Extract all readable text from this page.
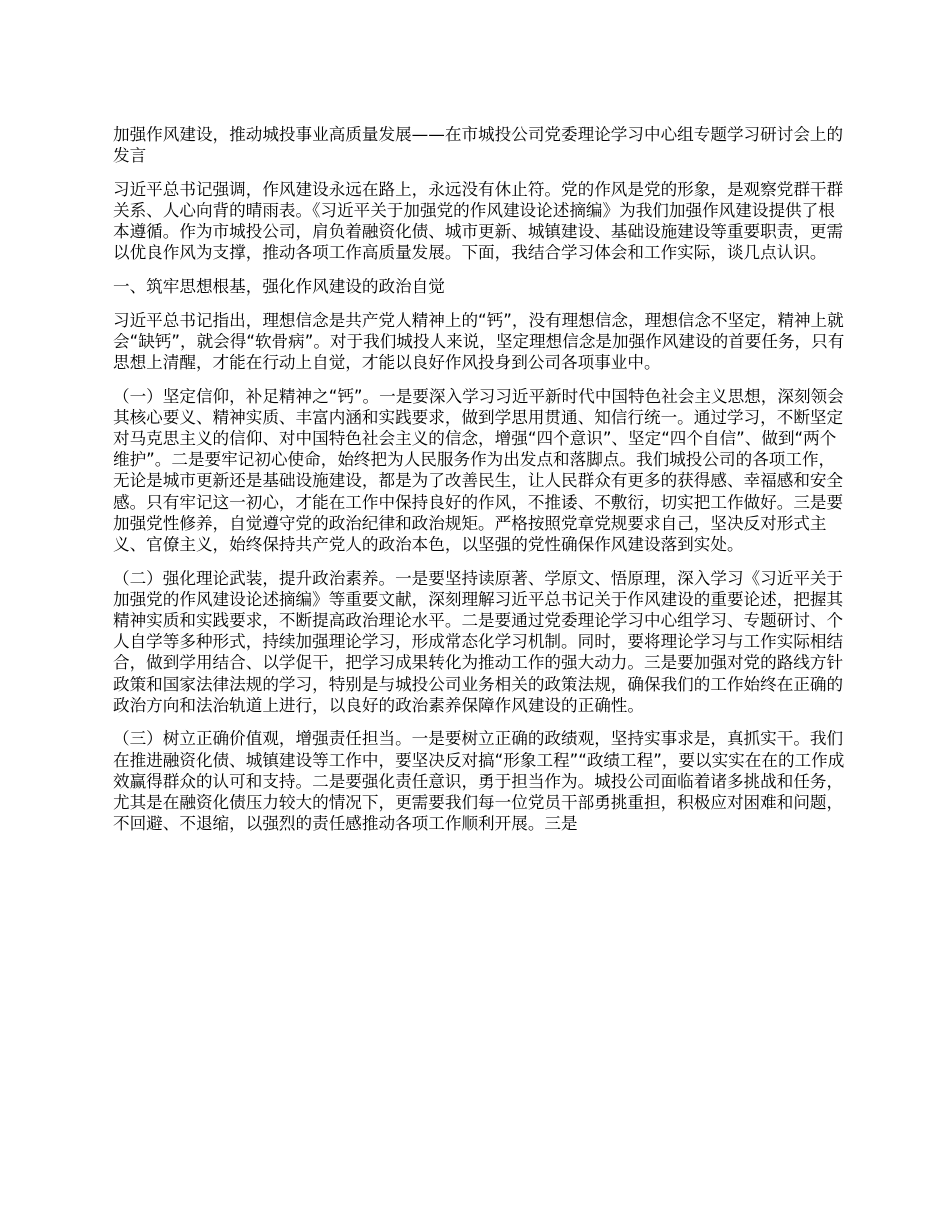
加强作风建设，推动城投事业高质量发展——在市城投公司党委理论学习中心组专题学习研讨会上的发言

习近平总书记强调，作风建设永远在路上，永远没有休止符。党的作风是党的形象，是观察党群干群关系、人心向背的晴雨表。《习近平关于加强党的作风建设论述摘编》为我们加强作风建设提供了根本遵循。作为市城投公司，肩负着融资化债、城市更新、城镇建设、基础设施建设等重要职责，更需以优良作风为支撑，推动各项工作高质量发展。下面，我结合学习体会和工作实际，谈几点认识。

一、筑牢思想根基，强化作风建设的政治自觉

习近平总书记指出，理想信念是共产党人精神上的“钙”，没有理想信念，理想信念不坚定，精神上就会“缺钙”，就会得“软骨病”。对于我们城投人来说，坚定理想信念是加强作风建设的首要任务，只有思想上清醒，才能在行动上自觉，才能以良好作风投身到公司各项事业中。

（一）坚定信仰，补足精神之“钙”。一是要深入学习习近平新时代中国特色社会主义思想，深刻领会其核心要义、精神实质、丰富内涵和实践要求，做到学思用贯通、知信行统一。通过学习，不断坚定对马克思主义的信仰、对中国特色社会主义的信念，增强“四个意识”、坚定“四个自信”、做到“两个维护”。二是要牢记初心使命，始终把为人民服务作为出发点和落脚点。我们城投公司的各项工作，无论是城市更新还是基础设施建设，都是为了改善民生，让人民群众有更多的获得感、幸福感和安全感。只有牢记这一初心，才能在工作中保持良好的作风，不推诿、不敷衍，切实把工作做好。三是要加强党性修养，自觉遵守党的政治纪律和政治规矩。严格按照党章党规要求自己，坚决反对形式主义、官僚主义，始终保持共产党人的政治本色，以坚强的党性确保作风建设落到实处。

（二）强化理论武装，提升政治素养。一是要坚持读原著、学原文、悟原理，深入学习《习近平关于加强党的作风建设论述摘编》等重要文献，深刻理解习近平总书记关于作风建设的重要论述，把握其精神实质和实践要求，不断提高政治理论水平。二是要通过党委理论学习中心组学习、专题研讨、个人自学等多种形式，持续加强理论学习，形成常态化学习机制。同时，要将理论学习与工作实际相结合，做到学用结合、以学促干，把学习成果转化为推动工作的强大动力。三是要加强对党的路线方针政策和国家法律法规的学习，特别是与城投公司业务相关的政策法规，确保我们的工作始终在正确的政治方向和法治轨道上进行，以良好的政治素养保障作风建设的正确性。

（三）树立正确价值观，增强责任担当。一是要树立正确的政绩观，坚持实事求是，真抓实干。我们在推进融资化债、城镇建设等工作中，要坚决反对搞“形象工程”“政绩工程”，要以实实在在的工作成效赢得群众的认可和支持。二是要强化责任意识，勇于担当作为。城投公司面临着诸多挑战和任务，尤其是在融资化债压力较大的情况下，更需要我们每一位党员干部勇挑重担，积极应对困难和问题，不回避、不退缩，以强烈的责任感推动各项工作顺利开展。三是
